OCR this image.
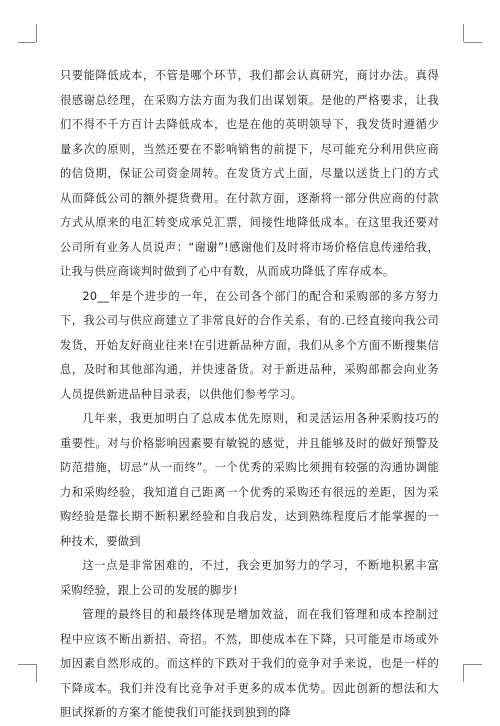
只要能降低成本，不管是哪个环节，我们都会认真研究，商讨办法。真得很感谢总经理，在采购方法方面为我们出谋划策。是他的严格要求，让我们不得不千方百计去降低成本，也是在他的英明领导下，我发货时遵循少量多次的原则，当然还要在不影响销售的前提下，尽可能充分利用供应商的信贷期，保证公司资金周转。在发货方式上面，尽量以送货上门的方式从而降低公司的额外提货费用。在付款方面，逐渐将一部分供应商的付款方式从原来的电汇转变成承兑汇票，间接性地降低成本。在这里我还要对公司所有业务人员说声：“谢谢”!感谢他们及时将市场价格信息传递给我，让我与供应商谈判时做到了心中有数，从而成功降低了库存成本。

20__年是个进步的一年，在公司各个部门的配合和采购部的多方努力下，我公司与供应商建立了非常良好的合作关系，有的.已经直接向我公司发货，开始友好商业往来!在引进新品种方面，我们从多个方面不断搜集信息，及时和其他部沟通，并快速备货。对于新进品种，采购部都会向业务人员提供新进品种目录表，以供他们参考学习。

几年来，我更加明白了总成本优先原则，和灵活运用各种采购技巧的重要性。对与价格影响因素要有敏锐的感觉，并且能够及时的做好预警及防范措施，切忌“从一而终”。一个优秀的采购比须拥有较强的沟通协调能力和采购经验，我知道自己距离一个优秀的采购还有很远的差距，因为采购经验是靠长期不断积累经验和自我启发，达到熟练程度后才能掌握的一种技术，要做到

这一点是非常困难的，不过，我会更加努力的学习，不断地积累丰富采购经验，跟上公司的发展的脚步!

管理的最终目的和最终体现是增加效益，而在我们管理和成本控制过程中应该不断出新招、奇招。不然，即使成本在下降，只可能是市场或外加因素自然形成的。而这样的下跌对于我们的竞争对手来说，也是一样的下降成本。我们并没有比竞争对手更多的成本优势。因此创新的想法和大胆试探新的方案才能使我们可能找到独到的降
